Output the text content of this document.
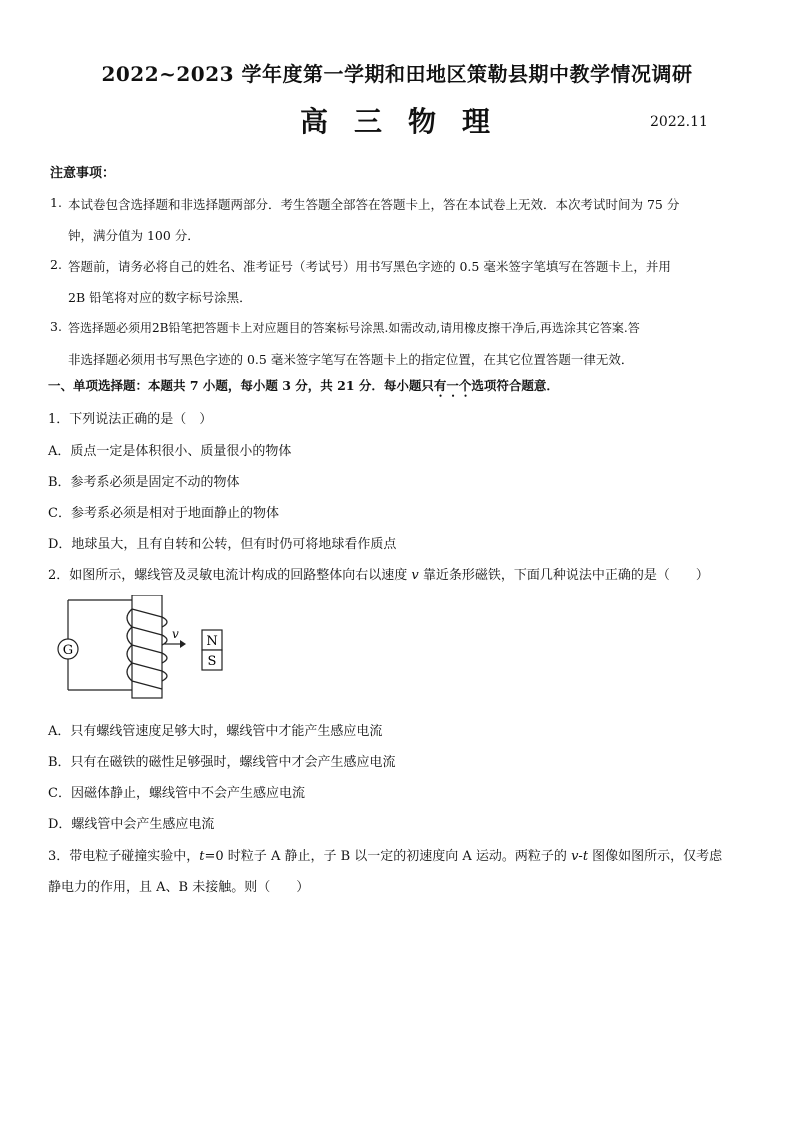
2022~2023 学年度第一学期和田地区策勒县期中教学情况调研
高三物理	2022.11
注意事项：
1. 本试卷包含选择题和非选择题两部分．考生答题全部答在答题卡上，答在本试卷上无效．本次考试时间为 75 分
钟，满分值为 100 分．
2. 答题前，请务必将自己的姓名、准考证号（考试号）用书写黑色字迹的 0.5 毫米签字笔填写在答题卡上，并用
2B 铅笔将对应的数字标号涂黑．
3. 答选择题必须用2B铅笔把答题卡上对应题目的答案标号涂黑.如需改动,请用橡皮擦干净后,再选涂其它答案.答
非选择题必须用书写黑色字迹的 0.5 毫米签字笔写在答题卡上的指定位置，在其它位置答题一律无效．
一、单项选择题：本题共 7 小题，每小题 3 分，共 21 分．每小题只有一个选项符合题意．
1．下列说法正确的是（　）
A．质点一定是体积很小、质量很小的物体
B．参考系必须是固定不动的物体
C．参考系必须是相对于地面静止的物体
D．地球虽大，且有自转和公转，但有时仍可将地球看作质点
2．如图所示，螺线管及灵敏电流计构成的回路整体向右以速度 v 靠近条形磁铁，下面几种说法中正确的是（　　）
G
v N
S
A．只有螺线管速度足够大时，螺线管中才能产生感应电流
B．只有在磁铁的磁性足够强时，螺线管中才会产生感应电流
C．因磁体静止，螺线管中不会产生感应电流
D．螺线管中会产生感应电流
3．带电粒子碰撞实验中，t=0 时粒子 A 静止，子 B 以一定的初速度向 A 运动。两粒子的 v-t 图像如图所示，仅考虑
静电力的作用，且 A、B 未接触。则（　　）
